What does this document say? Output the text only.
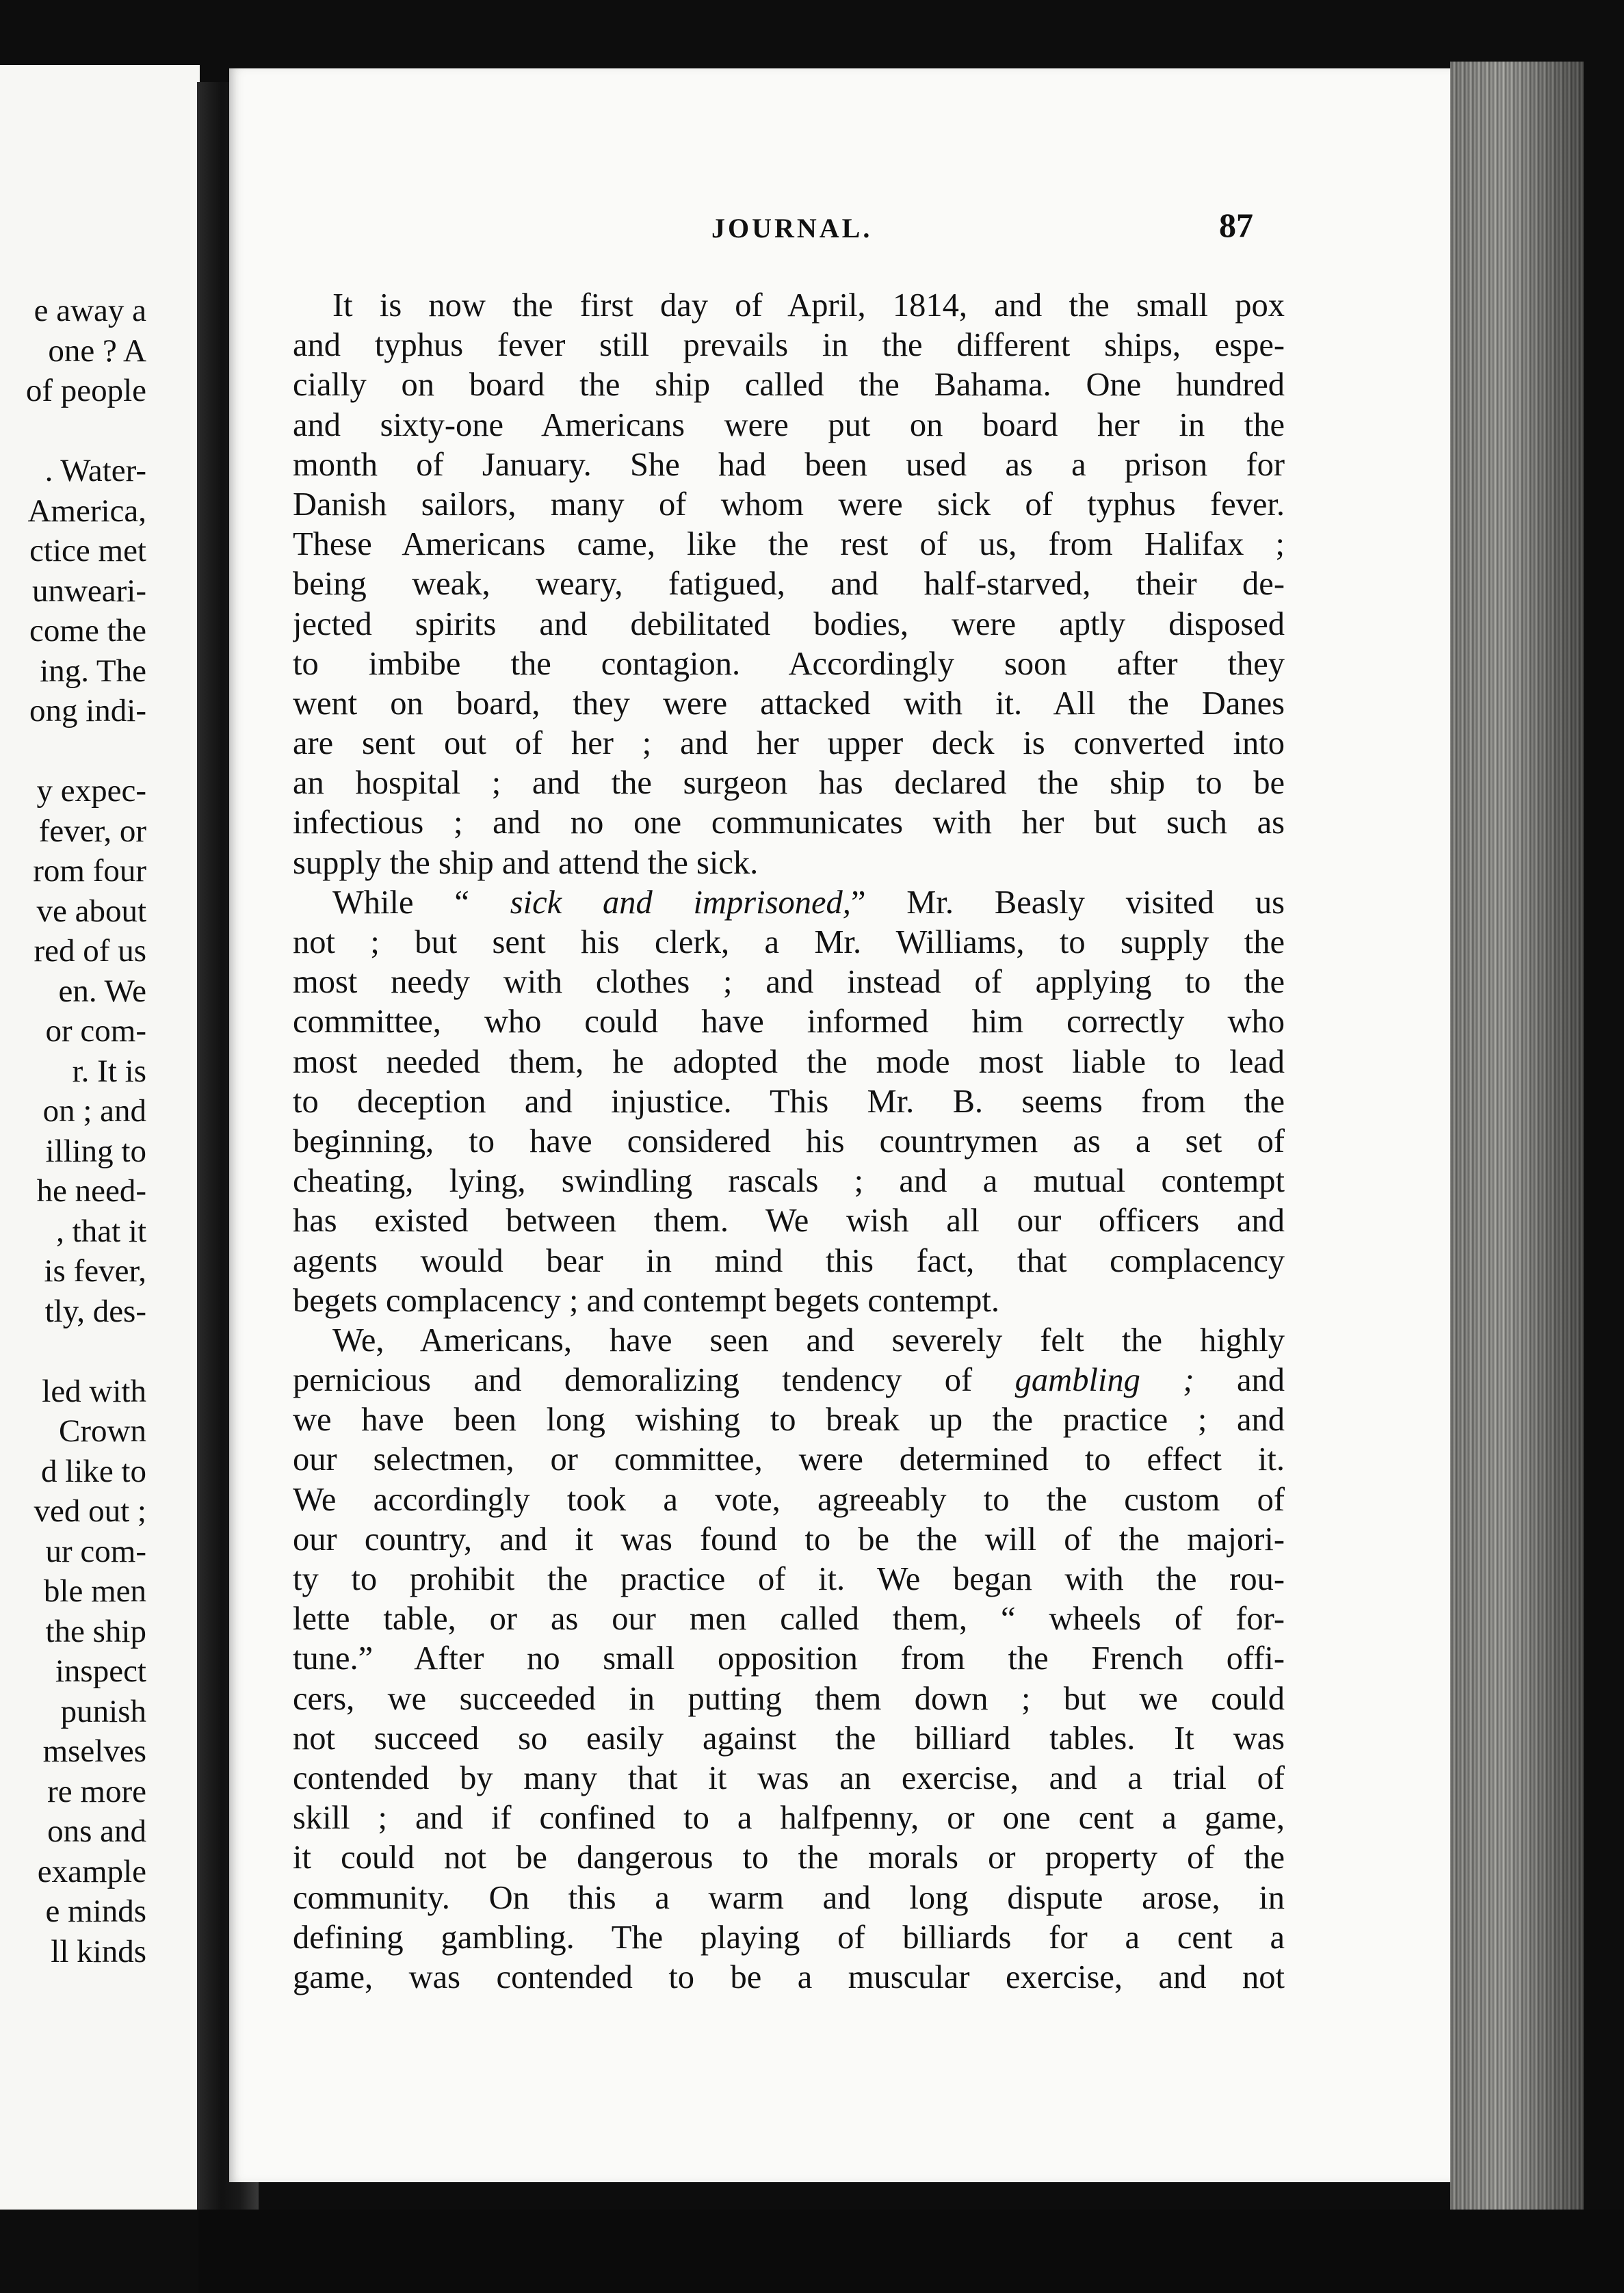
e away a
one ? A
of people
. Water-
America,
ctice met
unweari-
come the
ing. The
ong indi-
y expec-
fever, or
rom four
ve about
red of us
en. We
or com-
r. It is
on ; and
illing to
he need-
, that it
is fever,
tly, des-
led with
Crown
d like to
ved out ;
ur com-
ble men
the ship
inspect
punish
mselves
re more
ons and
example
e minds
ll kinds
JOURNAL.	87
It is now the first day of April, 1814, and the small pox
and typhus fever still prevails in the different ships, espe-
cially on board the ship called the Bahama. One hundred
and sixty-one Americans were put on board her in the
month of January. She had been used as a prison for
Danish sailors, many of whom were sick of typhus fever.
These Americans came, like the rest of us, from Halifax ;
being weak, weary, fatigued, and half-starved, their de-
jected spirits and debilitated bodies, were aptly disposed
to imbibe the contagion. Accordingly soon after they
went on board, they were attacked with it. All the Danes
are sent out of her ; and her upper deck is converted into
an hospital ; and the surgeon has declared the ship to be
infectious ; and no one communicates with her but such as
supply the ship and attend the sick.
While “ sick and imprisoned,” Mr. Beasly visited us
not ; but sent his clerk, a Mr. Williams, to supply the
most needy with clothes ; and instead of applying to the
committee, who could have informed him correctly who
most needed them, he adopted the mode most liable to lead
to deception and injustice. This Mr. B. seems from the
beginning, to have considered his countrymen as a set of
cheating, lying, swindling rascals ; and a mutual contempt
has existed between them. We wish all our officers and
agents would bear in mind this fact, that complacency
begets complacency ; and contempt begets contempt.
We, Americans, have seen and severely felt the highly
pernicious and demoralizing tendency of gambling ; and
we have been long wishing to break up the practice ; and
our selectmen, or committee, were determined to effect it.
We accordingly took a vote, agreeably to the custom of
our country, and it was found to be the will of the majori-
ty to prohibit the practice of it. We began with the rou-
lette table, or as our men called them, “ wheels of for-
tune.” After no small opposition from the French offi-
cers, we succeeded in putting them down ; but we could
not succeed so easily against the billiard tables. It was
contended by many that it was an exercise, and a trial of
skill ; and if confined to a halfpenny, or one cent a game,
it could not be dangerous to the morals or property of the
community. On this a warm and long dispute arose, in
defining gambling. The playing of billiards for a cent a
game, was contended to be a muscular exercise, and not
